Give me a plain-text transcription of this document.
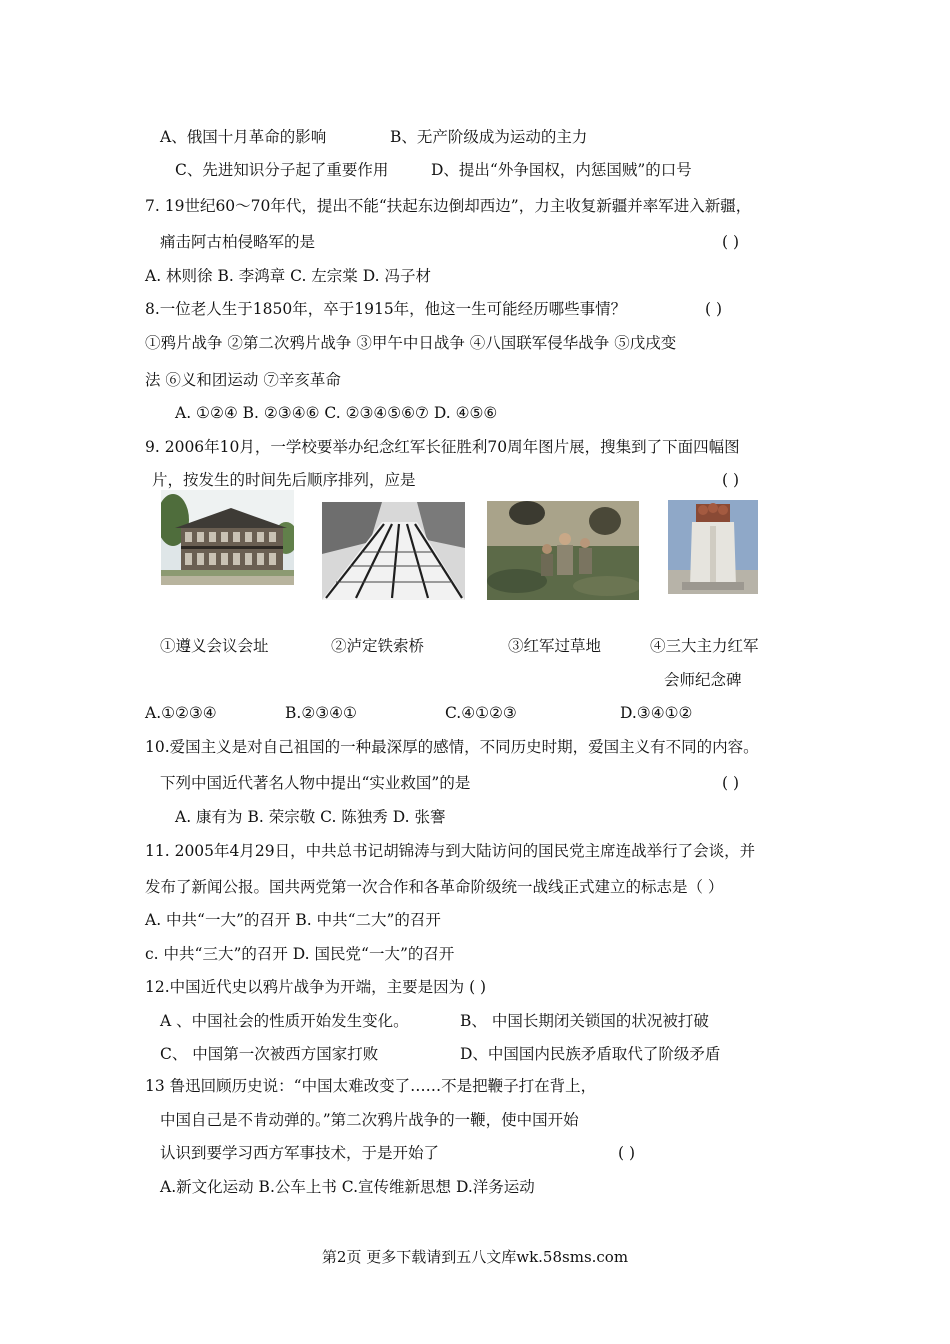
A、俄国十月革命的影响	B、无产阶级成为运动的主力
C、先进知识分子起了重要作用	D、提出“外争国权，内惩国贼”的口号
7. 19世纪60～70年代，提出不能“扶起东边倒却西边”，力主收复新疆并率军进入新疆，
痛击阿古柏侵略军的是	( )
A. 林则徐 B. 李鸿章 C. 左宗棠 D. 冯子材
8.一位老人生于1850年，卒于1915年，他这一生可能经历哪些事情？	( )
①鸦片战争 ②第二次鸦片战争 ③甲午中日战争 ④八国联军侵华战争 ⑤戊戌变
法 ⑥义和团运动 ⑦辛亥革命
A. ①②④ B. ②③④⑥ C. ②③④⑤⑥⑦ D. ④⑤⑥
9. 2006年10月，一学校要举办纪念红军长征胜利70周年图片展，搜集到了下面四幅图
片，按发生的时间先后顺序排列，应是	( )
①遵义会议会址	②泸定铁索桥	③红军过草地	④三大主力红军
会师纪念碑
A.①②③④	B.②③④①	C.④①②③	D.③④①②
10.爱国主义是对自己祖国的一种最深厚的感情，不同历史时期，爱国主义有不同的内容。
下列中国近代著名人物中提出“实业救国”的是	( )
A. 康有为 B. 荣宗敬 C. 陈独秀 D. 张謇
11. 2005年4月29日，中共总书记胡锦涛与到大陆访问的国民党主席连战举行了会谈，并
发布了新闻公报。国共两党第一次合作和各革命阶级统一战线正式建立的标志是（ ）
A. 中共“一大”的召开 B. 中共“二大”的召开
c. 中共“三大”的召开 D. 国民党“一大”的召开
12.中国近代史以鸦片战争为开端，主要是因为 ( )
A 、中国社会的性质开始发生变化。	B、 中国长期闭关锁国的状况被打破
C、 中国第一次被西方国家打败	D、中国国内民族矛盾取代了阶级矛盾
13 鲁迅回顾历史说：“中国太难改变了……不是把鞭子打在背上，
中国自己是不肯动弹的。”第二次鸦片战争的一鞭，使中国开始
认识到要学习西方军事技术，于是开始了	( )
A.新文化运动 B.公车上书 C.宣传维新思想 D.洋务运动
第2页 更多下载请到五八文库wk.58sms.com
